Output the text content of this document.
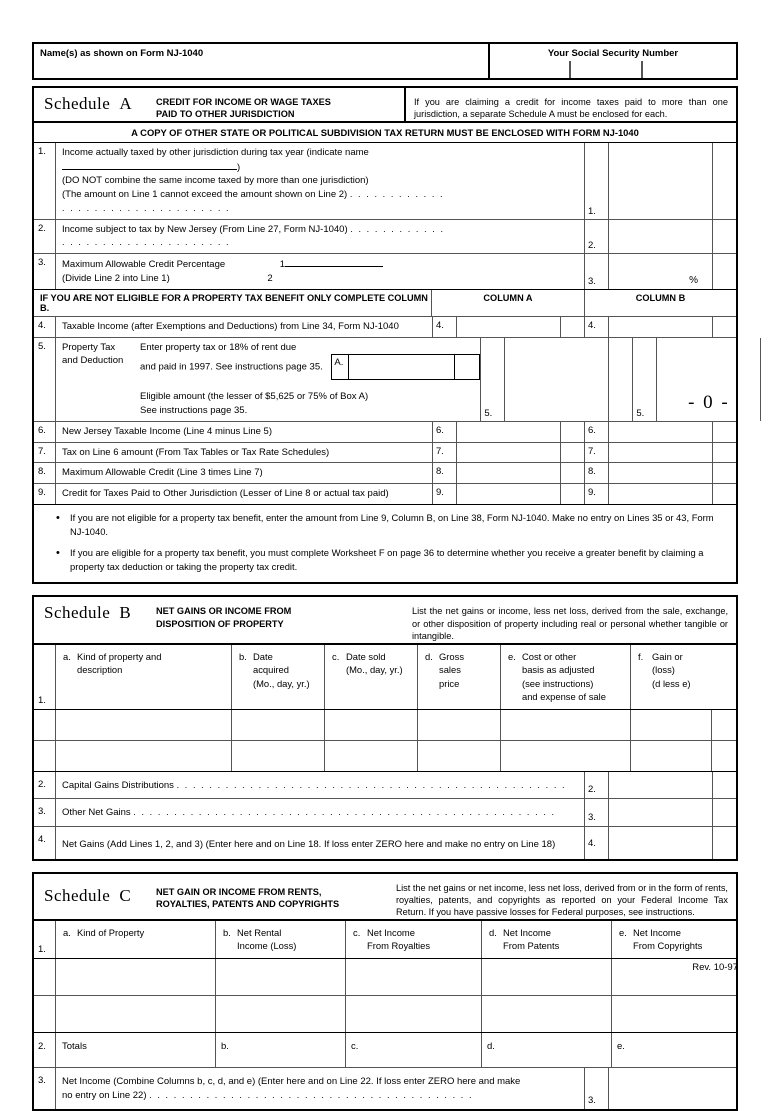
Name(s) as shown on Form NJ-1040	Your Social Security Number
Schedule A	CREDIT FOR INCOME OR WAGE TAXES
PAID TO OTHER JURISDICTION
If you are claiming a credit for income taxes paid to more than one jurisdiction, a separate Schedule A must be enclosed for each.
A COPY OF OTHER STATE OR POLITICAL SUBDIVISION TAX RETURN MUST BE ENCLOSED WITH FORM NJ-1040
1.	Income actually taxed by other jurisdiction during tax year (indicate name )
(DO NOT combine the same income taxed by more than one jurisdiction)
(The amount on Line 1 cannot exceed the amount shown on Line 2) . . . . . . . . . . . . . . . . . . . . . . . . . . . . . . . . .	1.
2.	Income subject to tax by New Jersey (From Line 27, Form NJ-1040) . . . . . . . . . . . . . . . . . . . . . . . . . . . . . . . . .	2.
3.	Maximum Allowable Credit Percentage	1
(Divide Line 2 into Line 1)	2	3.	%
IF YOU ARE NOT ELIGIBLE FOR A PROPERTY TAX BENEFIT ONLY COMPLETE COLUMN B.
COLUMN A	COLUMN B
4.	Taxable Income (after Exemptions and Deductions) from Line 34, Form NJ-1040	4.	4.
5.	Property Tax
and Deduction
Enter property tax or 18% of rent due
and paid in 1997. See instructions page 35. A.
Eligible amount (the lesser of $5,625 or 75% of Box A)
See instructions page 35.	5.	5.
- 0 -
6.	New Jersey Taxable Income (Line 4 minus Line 5)	6.	6.
7.	Tax on Line 6 amount (From Tax Tables or Tax Rate Schedules)	7.	7.
8.	Maximum Allowable Credit (Line 3 times Line 7)	8.	8.
9.	Credit for Taxes Paid to Other Jurisdiction (Lesser of Line 8 or actual tax paid)	9.	9.

• If you are not eligible for a property tax benefit, enter the amount from Line 9, Column B, on Line 38, Form NJ-1040. Make no entry on Lines 35 or 43, Form NJ-1040.

• If you are eligible for a property tax benefit, you must complete Worksheet F on page 36 to determine whether you receive a greater benefit by claiming a property tax deduction or taking the property tax credit.

Schedule B	NET GAINS OR INCOME FROM
DISPOSITION OF PROPERTY
List the net gains or income, less net loss, derived from the sale, exchange, or other disposition of property including real or personal whether tangible or intangible.
1.
a. Kind of property and
description
b. Date
acquired
(Mo., day, yr.)
c. Date sold
(Mo., day, yr.)
d. Gross
sales
price
e. Cost or other
basis as adjusted
(see instructions)
and expense of sale
f. Gain or
(loss)
(d less e)
2.	Capital Gains Distributions . . . . . . . . . . . . . . . . . . . . . . . . . . . . . . . . . . . . . . . . . . . . . . . .	2.
3.	Other Net Gains . . . . . . . . . . . . . . . . . . . . . . . . . . . . . . . . . . . . . . . . . . . . . . . . . . . .	3.
4.	Net Gains (Add Lines 1, 2, and 3) (Enter here and on Line 18. If loss enter ZERO here and make no entry on Line 18)	4.
Schedule C	NET GAIN OR INCOME FROM RENTS,
ROYALTIES, PATENTS AND COPYRIGHTS
List the net gains or net income, less net loss, derived from or in the form of rents, royalties, patents, and copyrights as reported on your Federal Income Tax Return. If you have passive losses for Federal purposes, see instructions.
1.
a. Kind of Property	b. Net Rental
Income (Loss)
c. Net Income
From Royalties
d. Net Income
From Patents
e. Net Income
From Copyrights
2.	Totals	b.	c.	d.	e.
3.	Net Income (Combine Columns b, c, d, and e) (Enter here and on Line 22. If loss enter ZERO here and make
no entry on Line 22) . . . . . . . . . . . . . . . . . . . . . . . . . . . . . . . . . . . . . . . .	3.
Rev. 10-97
